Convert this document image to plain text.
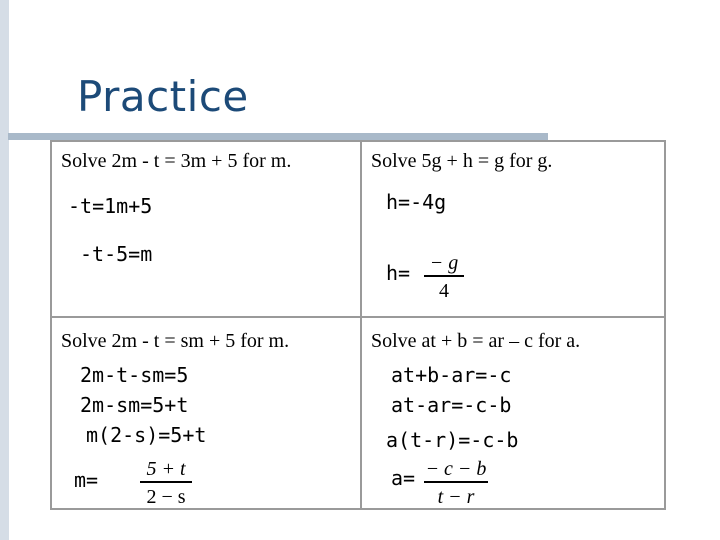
Practice
Solve 2m - t = 3m + 5 for m.
-t=1m+5
-t-5=m
Solve 5g + h = g for g.
h=-4g
h= − g
4
Solve 2m - t = sm + 5 for m.
2m-t-sm=5
2m-sm=5+t
m(2-s)=5+t
m=	5 + t
2 − s
Solve at + b = ar – c for a.
at+b-ar=-c
at-ar=-c-b
a(t-r)=-c-b
a= − c − b
t − r
